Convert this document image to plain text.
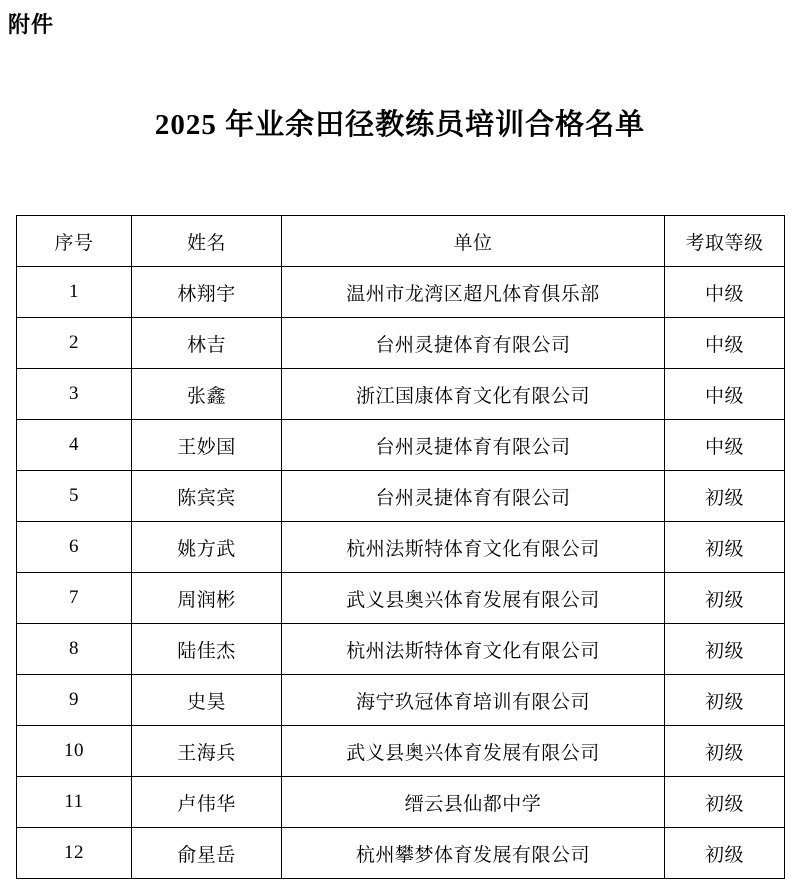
附件
2025 年业余田径教练员培训合格名单
序号	姓名	单位	考取等级
1	林翔宇	温州市龙湾区超凡体育俱乐部	中级
2	林吉	台州灵捷体育有限公司	中级
3	张鑫	浙江国康体育文化有限公司	中级
4	王妙国	台州灵捷体育有限公司	中级
5	陈宾宾	台州灵捷体育有限公司	初级
6	姚方武	杭州法斯特体育文化有限公司	初级
7	周润彬	武义县奥兴体育发展有限公司	初级
8	陆佳杰	杭州法斯特体育文化有限公司	初级
9	史昊	海宁玖冠体育培训有限公司	初级
10	王海兵	武义县奥兴体育发展有限公司	初级
11	卢伟华	缙云县仙都中学	初级
12	俞星岳	杭州攀梦体育发展有限公司	初级
